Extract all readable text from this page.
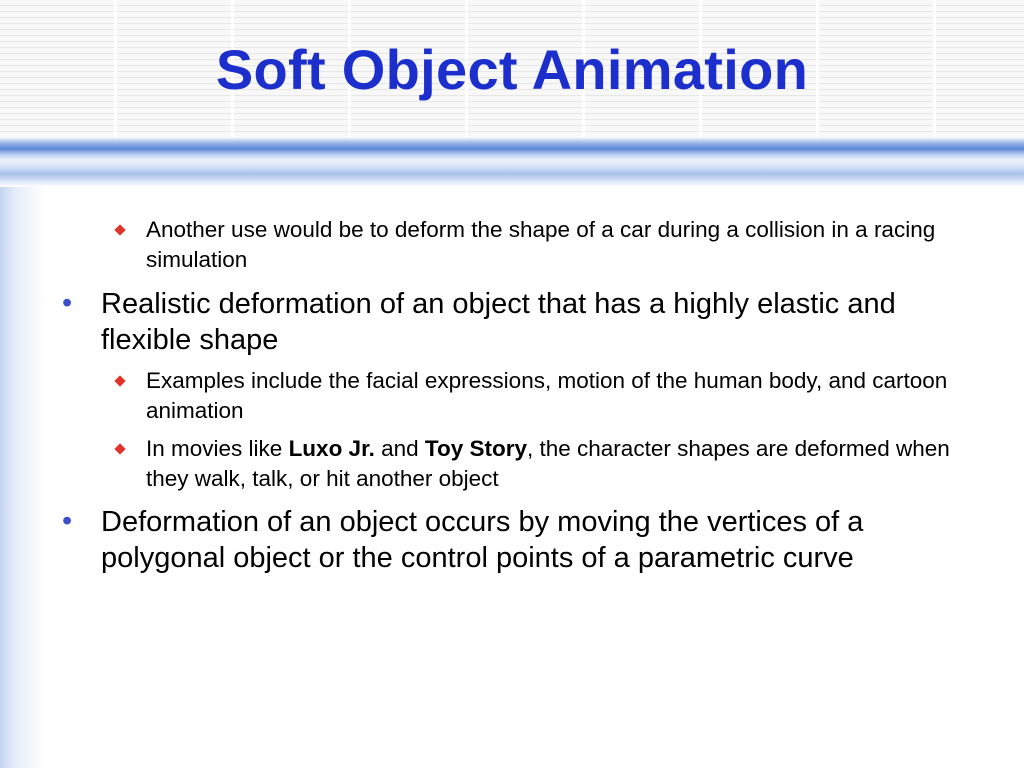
Soft Object Animation

Another use would be to deform the shape of a car during a collision in a racing simulation

• Realistic deformation of an object that has a highly elastic and flexible shape

Examples include the facial expressions, motion of the human body, and cartoon animation

In movies like Luxo Jr. and Toy Story, the character shapes are deformed when they walk, talk, or hit another object

• Deformation of an object occurs by moving the vertices of a polygonal object or the control points of a parametric curve
